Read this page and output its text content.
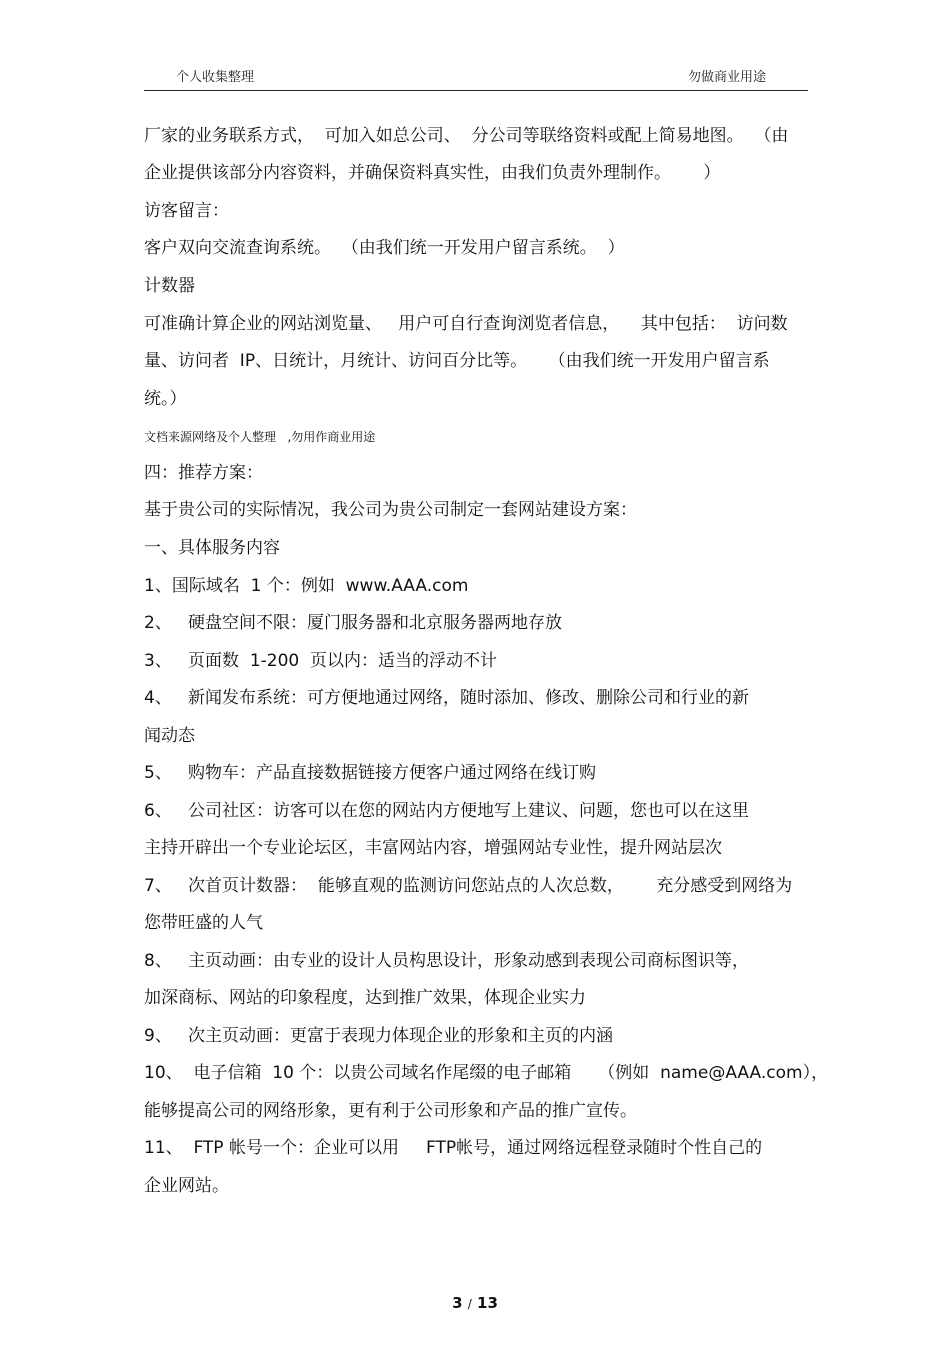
个人收集整理	勿做商业用途
厂家的业务联系方式，  可加入如总公司、  分公司等联络资料或配上简易地图。  （由
企业提供该部分内容资料，并确保资料真实性，由我们负责外理制作。      ）
访客留言：
客户双向交流查询系统。  （由我们统一开发用户留言系统。  ）
计数器
可准确计算企业的网站浏览量、   用户可自行查询浏览者信息，    其中包括：  访问数
量、访问者  IP、日统计，月统计、访问百分比等。    （由我们统一开发用户留言系
统。）
文档来源网络及个人整理   ,勿用作商业用途
四：推荐方案：
基于贵公司的实际情况，我公司为贵公司制定一套网站建设方案：
一、具体服务内容
1、国际域名  1 个：例如  www.AAA.com
2、   硬盘空间不限：厦门服务器和北京服务器两地存放
3、   页面数  1-200  页以内：适当的浮动不计
4、   新闻发布系统：可方便地通过网络，随时添加、修改、删除公司和行业的新
闻动态
5、   购物车：产品直接数据链接方便客户通过网络在线订购
6、   公司社区：访客可以在您的网站内方便地写上建议、问题，您也可以在这里
主持开辟出一个专业论坛区，丰富网站内容，增强网站专业性，提升网站层次
7、   次首页计数器：  能够直观的监测访问您站点的人次总数，      充分感受到网络为
您带旺盛的人气
8、   主页动画：由专业的设计人员构思设计，形象动感到表现公司商标图识等，
加深商标、网站的印象程度，达到推广效果，体现企业实力
9、   次主页动画：更富于表现力体现企业的形象和主页的内涵
10、  电子信箱  10 个：以贵公司域名作尾缀的电子邮箱     （例如  name@AAA.com），
能够提高公司的网络形象，更有利于公司形象和产品的推广宣传。
11、  FTP 帐号一个：企业可以用     FTP帐号，通过网络远程登录随时个性自己的
企业网站。
3 / 13
